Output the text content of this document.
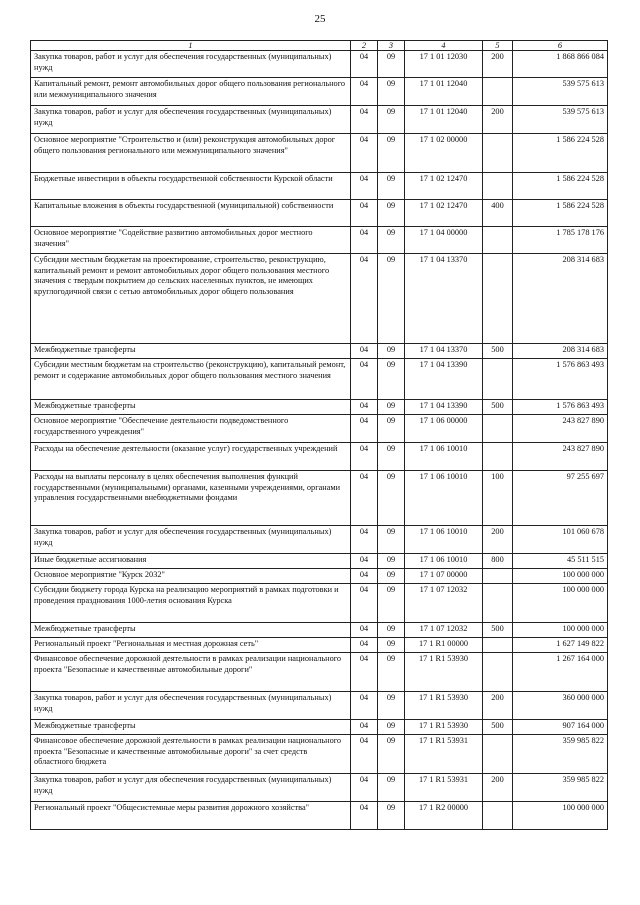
25
1	2	3	4	5	6
Закупка товаров, работ и услуг для обеспечения государственных (муниципальных) нужд	04	09	17 1 01 12030	200	1 868 866 084
Капитальный ремонт, ремонт автомобильных дорог общего пользования регионального или межмуниципального значения	04	09	17 1 01 12040		539 575 613
Закупка товаров, работ и услуг для обеспечения государственных (муниципальных) нужд	04	09	17 1 01 12040	200	539 575 613
Основное мероприятие "Строительство и (или) реконструкция автомобильных дорог общего пользования регионального или межмуниципального значения"	04	09	17 1 02 00000		1 586 224 528
Бюджетные инвестиции в объекты государственной собственности Курской области	04	09	17 1 02 12470		1 586 224 528
Капитальные вложения в объекты государственной (муниципальной) собственности	04	09	17 1 02 12470	400	1 586 224 528
Основное мероприятие "Содействие развитию автомобильных дорог местного значения"	04	09	17 1 04 00000		1 785 178 176
Субсидии местным бюджетам на проектирование, строительство, реконструкцию, капитальный ремонт и ремонт автомобильных дорог общего пользования местного значения с твердым покрытием до сельских населенных пунктов, не имеющих круглогодичной связи с сетью автомобильных дорог общего пользования	04	09	17 1 04 13370		208 314 683
Межбюджетные трансферты	04	09	17 1 04 13370	500	208 314 683
Субсидии местным бюджетам на строительство (реконструкцию), капитальный ремонт, ремонт и содержание автомобильных дорог общего пользования местного значения	04	09	17 1 04 13390		1 576 863 493
Межбюджетные трансферты	04	09	17 1 04 13390	500	1 576 863 493
Основное мероприятие "Обеспечение деятельности подведомственного государственного учреждения"	04	09	17 1 06 00000		243 827 890
Расходы на обеспечение деятельности (оказание услуг) государственных учреждений	04	09	17 1 06 10010		243 827 890
Расходы на выплаты персоналу в целях обеспечения выполнения функций государственными (муниципальными) органами, казенными учреждениями, органами управления государственными внебюджетными фондами	04	09	17 1 06 10010	100	97 255 697
Закупка товаров, работ и услуг для обеспечения государственных (муниципальных) нужд	04	09	17 1 06 10010	200	101 060 678
Иные бюджетные ассигнования	04	09	17 1 06 10010	800	45 511 515
Основное мероприятие "Курск 2032"	04	09	17 1 07 00000		100 000 000
Субсидии бюджету города Курска на реализацию мероприятий в рамках подготовки и проведения празднования 1000-летия основания Курска	04	09	17 1 07 12032		100 000 000
Межбюджетные трансферты	04	09	17 1 07 12032	500	100 000 000
Региональный проект "Региональная и местная дорожная сеть"	04	09	17 1 R1 00000		1 627 149 822
Финансовое обеспечение дорожной деятельности в рамках реализации национального проекта "Безопасные и качественные автомобильные дороги"	04	09	17 1 R1 53930		1 267 164 000
Закупка товаров, работ и услуг для обеспечения государственных (муниципальных) нужд	04	09	17 1 R1 53930	200	360 000 000
Межбюджетные трансферты	04	09	17 1 R1 53930	500	907 164 000
Финансовое обеспечение дорожной деятельности в рамках реализации национального проекта "Безопасные и качественные автомобильные дороги" за счет средств областного бюджета	04	09	17 1 R1 53931		359 985 822
Закупка товаров, работ и услуг для обеспечения государственных (муниципальных) нужд	04	09	17 1 R1 53931	200	359 985 822
Региональный проект "Общесистемные меры развития дорожного хозяйства"	04	09	17 1 R2 00000		100 000 000
